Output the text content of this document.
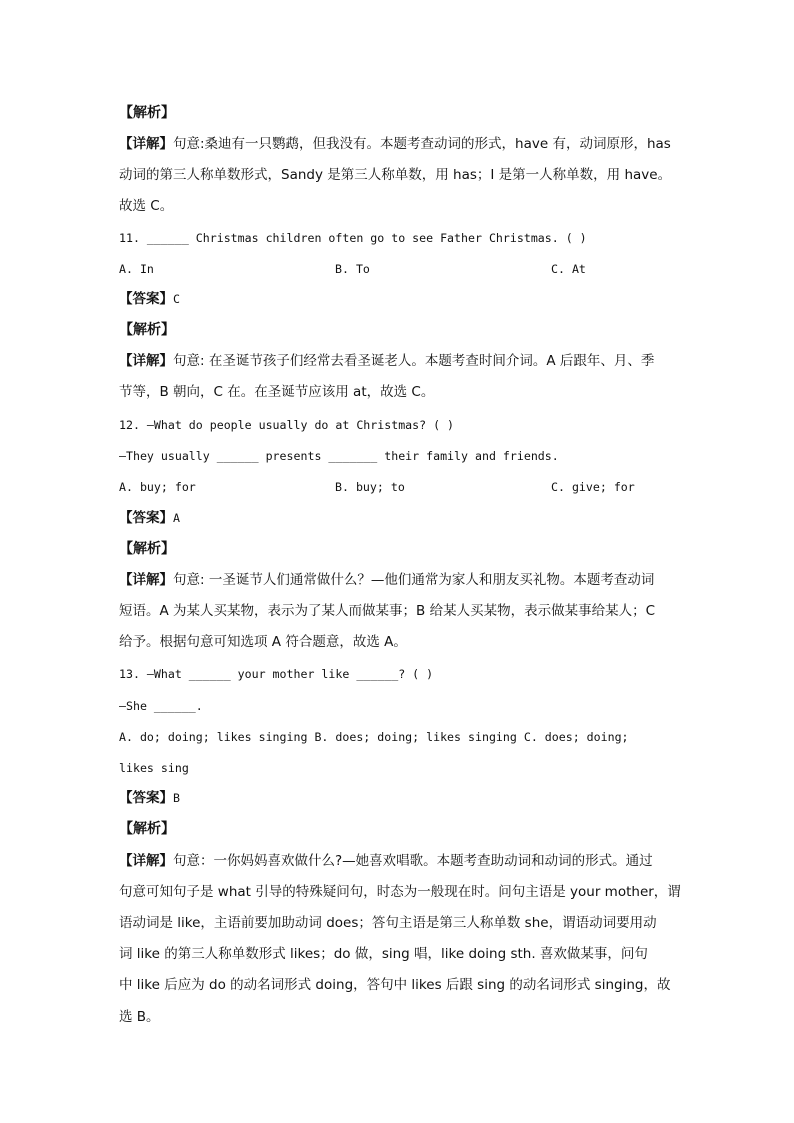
【解析】
【详解】句意:桑迪有一只鹦鹉，但我没有。本题考查动词的形式，have 有，动词原形，has
动词的第三人称单数形式，Sandy 是第三人称单数，用 has；I 是第一人称单数，用 have。
故选 C。
11. ______ Christmas children often go to see Father Christmas. ( )
A. In	B. To	C. At
【答案】C
【解析】
【详解】句意: 在圣诞节孩子们经常去看圣诞老人。本题考查时间介词。A 后跟年、月、季
节等，B 朝向，C 在。在圣诞节应该用 at，故选 C。
12. —What do people usually do at Christmas? ( )
—They usually ______ presents _______ their family and friends.
A. buy; for	B. buy; to	C. give; for
【答案】A
【解析】
【详解】句意: 一圣诞节人们通常做什么？—他们通常为家人和朋友买礼物。本题考查动词
短语。A 为某人买某物，表示为了某人而做某事；B 给某人买某物，表示做某事给某人；C
给予。根据句意可知选项 A 符合题意，故选 A。
13. —What ______ your mother like ______? ( )
—She ______.
A. do; doing; likes singing B. does; doing; likes singing C. does; doing;
likes sing
【答案】B
【解析】
【详解】句意：一你妈妈喜欢做什么?—她喜欢唱歌。本题考查助动词和动词的形式。通过
句意可知句子是 what 引导的特殊疑问句，时态为一般现在时。问句主语是 your mother，谓
语动词是 like，主语前要加助动词 does；答句主语是第三人称单数 she，谓语动词要用动
词 like 的第三人称单数形式 likes；do 做，sing 唱，like doing sth. 喜欢做某事，问句
中 like 后应为 do 的动名词形式 doing，答句中 likes 后跟 sing 的动名词形式 singing，故
选 B。
